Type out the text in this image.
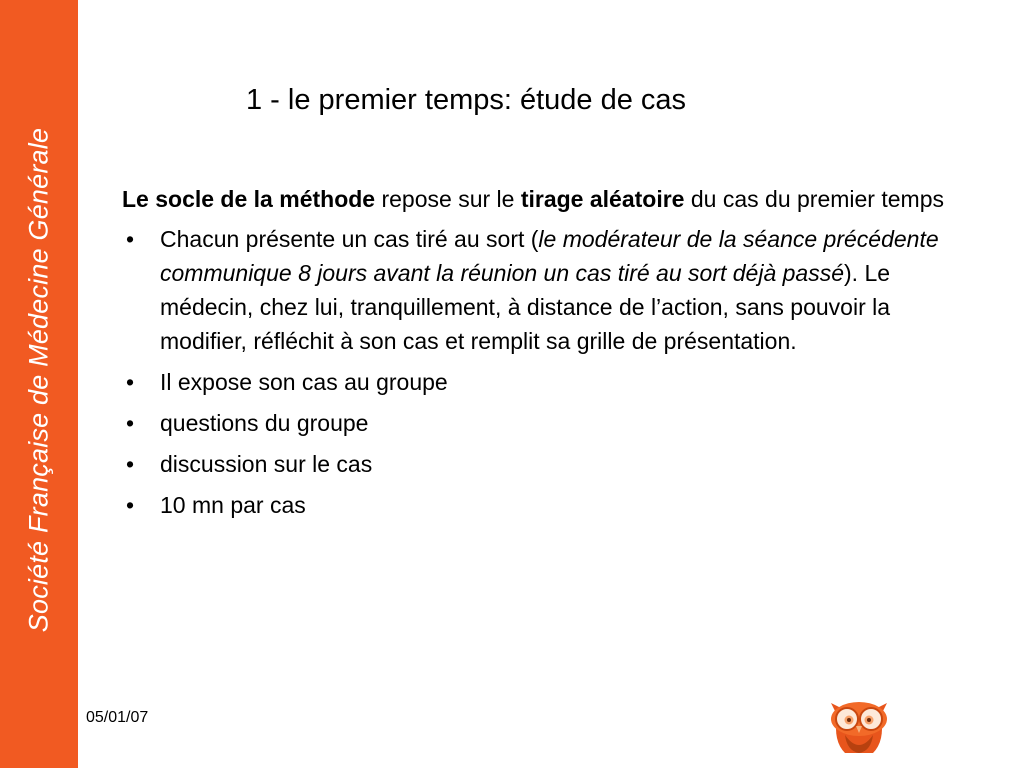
Société Française de Médecine Générale
1 - le premier temps: étude de cas
Le socle de la méthode repose sur le tirage aléatoire du cas du premier temps
• Chacun présente un cas tiré au sort (le modérateur de la séance précédente communique 8 jours avant la réunion un cas tiré au sort déjà passé). Le médecin, chez lui, tranquillement, à distance de l’action, sans pouvoir la modifier, réfléchit à son cas et remplit sa grille de présentation.
• Il expose son cas au groupe
• questions du groupe
• discussion sur le cas
• 10 mn par cas
05/01/07
